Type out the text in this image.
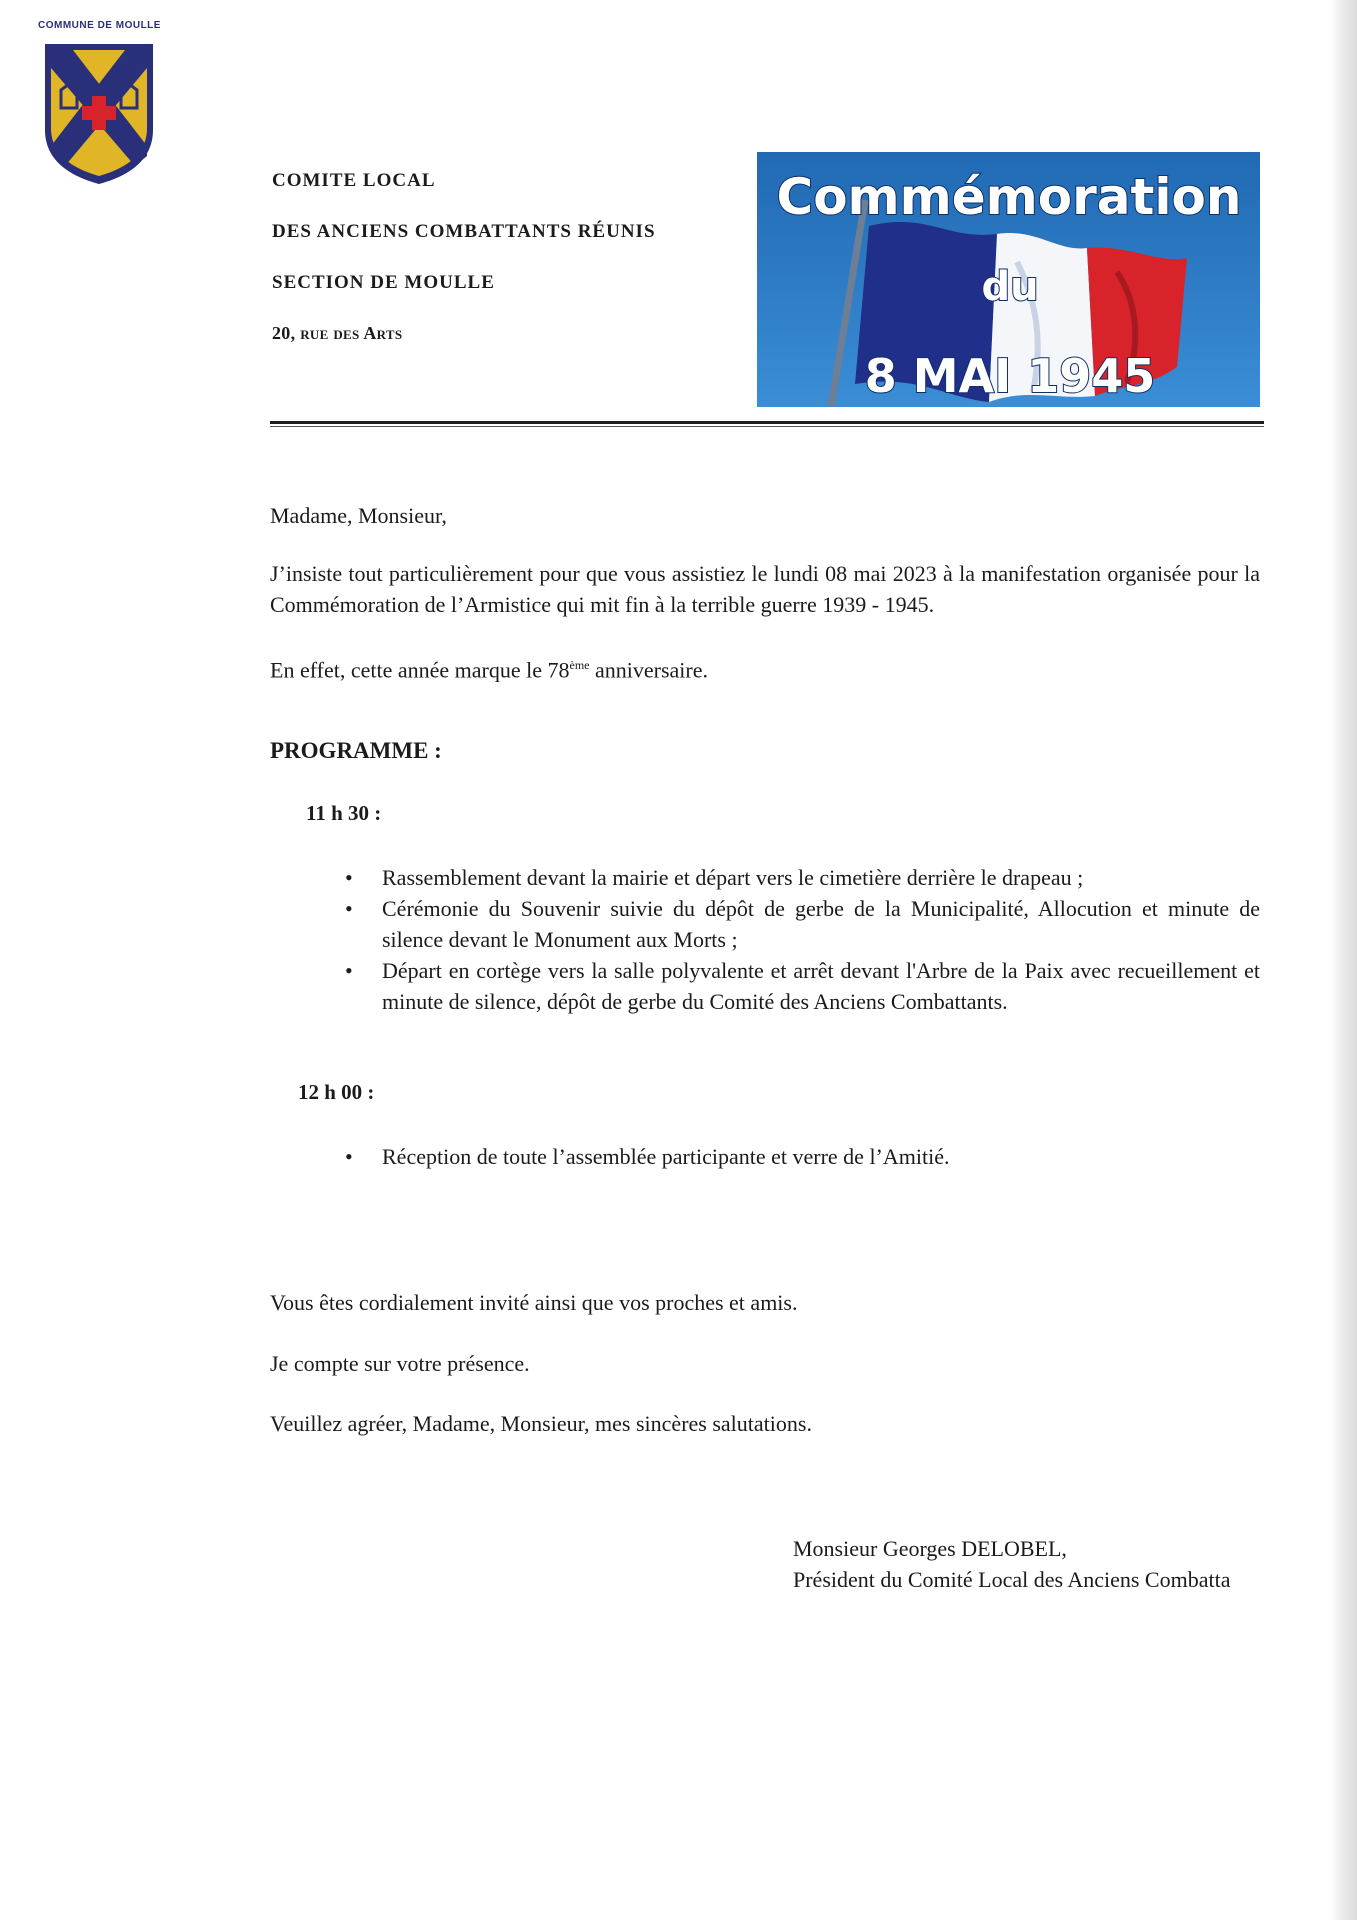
COMMUNE DE MOULLE
COMITE LOCAL
DES ANCIENS COMBATTANTS RÉUNIS
SECTION DE MOULLE
20, rue des Arts
Commémoration
du
8 MAI 1945
Madame, Monsieur,
J’insiste tout particulièrement pour que vous assistiez le lundi 08 mai 2023 à la manifestation organisée pour la Commémoration de l’Armistice qui mit fin à la terrible guerre 1939 - 1945.
En effet, cette année marque le 78ème anniversaire.
PROGRAMME :
11 h 30 :
• Rassemblement devant la mairie et départ vers le cimetière derrière le drapeau ;
• Cérémonie du Souvenir suivie du dépôt de gerbe de la Municipalité, Allocution et minute de silence devant le Monument aux Morts ;
• Départ en cortège vers la salle polyvalente et arrêt devant l'Arbre de la Paix avec recueillement et minute de silence, dépôt de gerbe du Comité des Anciens Combattants.
12 h 00 :
• Réception de toute l’assemblée participante et verre de l’Amitié.
Vous êtes cordialement invité ainsi que vos proches et amis.
Je compte sur votre présence.
Veuillez agréer, Madame, Monsieur, mes sincères salutations.
Monsieur Georges DELOBEL,
Président du Comité Local des Anciens Combatta
